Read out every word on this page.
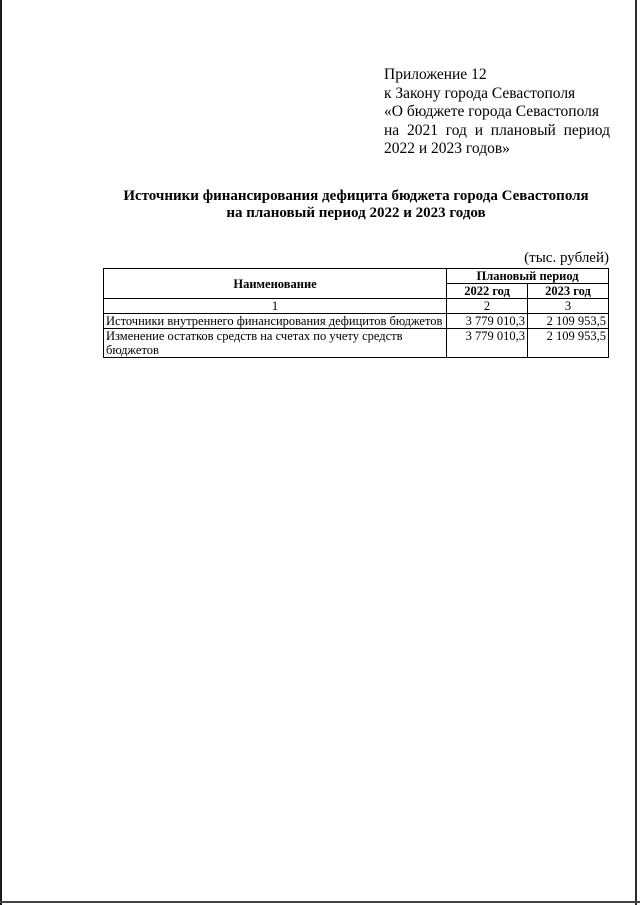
Приложение 12
к Закону города Севастополя
«О бюджете города Севастополя
на 2021 год и плановый период
2022 и 2023 годов»
Источники финансирования дефицита бюджета города Севастополя
на плановый период 2022 и 2023 годов
(тыс. рублей)
Наименование	Плановый период	
	2022 год	2023 год
1	2	3
Источники внутреннего финансирования дефицитов бюджетов	3 779 010,3	2 109 953,5
Изменение остатков средств на счетах по учету средств бюджетов	3 779 010,3	2 109 953,5
